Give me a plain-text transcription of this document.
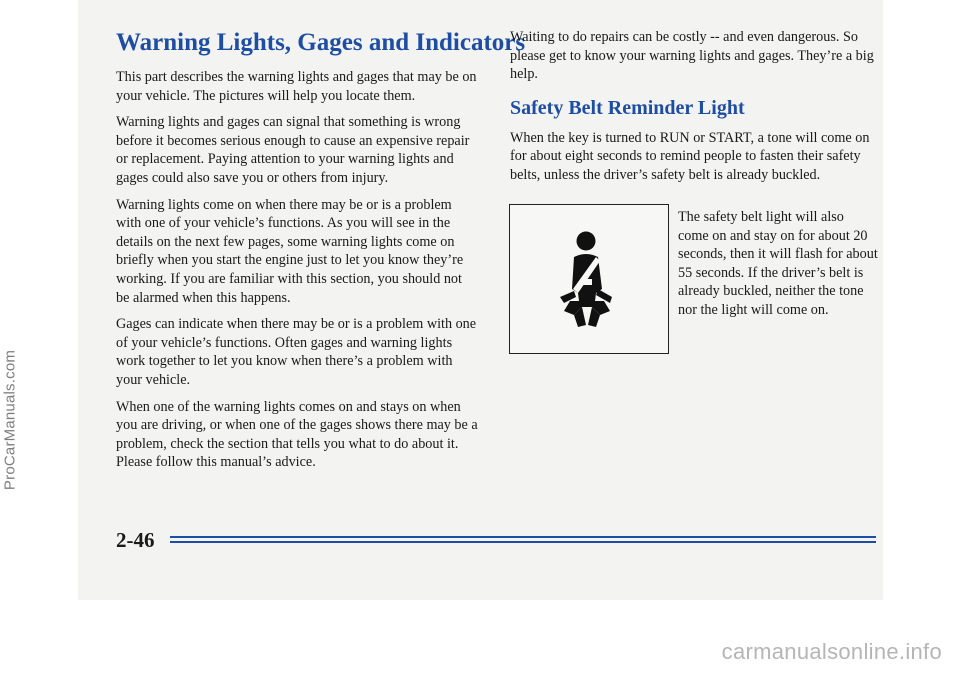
Warning Lights, Gages and Indicators

This part describes the warning lights and gages that may be on your vehicle. The pictures will help you locate them.

Warning lights and gages can signal that something is wrong before it becomes serious enough to cause an expensive repair or replacement. Paying attention to your warning lights and gages could also save you or others from injury.

Warning lights come on when there may be or is a problem with one of your vehicle’s functions. As you will see in the details on the next few pages, some warning lights come on briefly when you start the engine just to let you know they’re working. If you are familiar with this section, you should not be alarmed when this happens.

Gages can indicate when there may be or is a problem with one of your vehicle’s functions. Often gages and warning lights work together to let you know when there’s a problem with your vehicle.

When one of the warning lights comes on and stays on when you are driving, or when one of the gages shows there may be a problem, check the section that tells you what to do about it. Please follow this manual’s advice.

Waiting to do repairs can be costly -- and even dangerous. So please get to know your warning lights and gages. They’re a big help.

Safety Belt Reminder Light

When the key is turned to RUN or START, a tone will come on for about eight seconds to remind people to fasten their safety belts, unless the driver’s safety belt is already buckled.

The safety belt light will also come on and stay on for about 20 seconds, then it will flash for about 55 seconds. If the driver’s belt is already buckled, neither the tone nor the light will come on.
2-46
ProCarManuals.com
carmanualsonline.info
